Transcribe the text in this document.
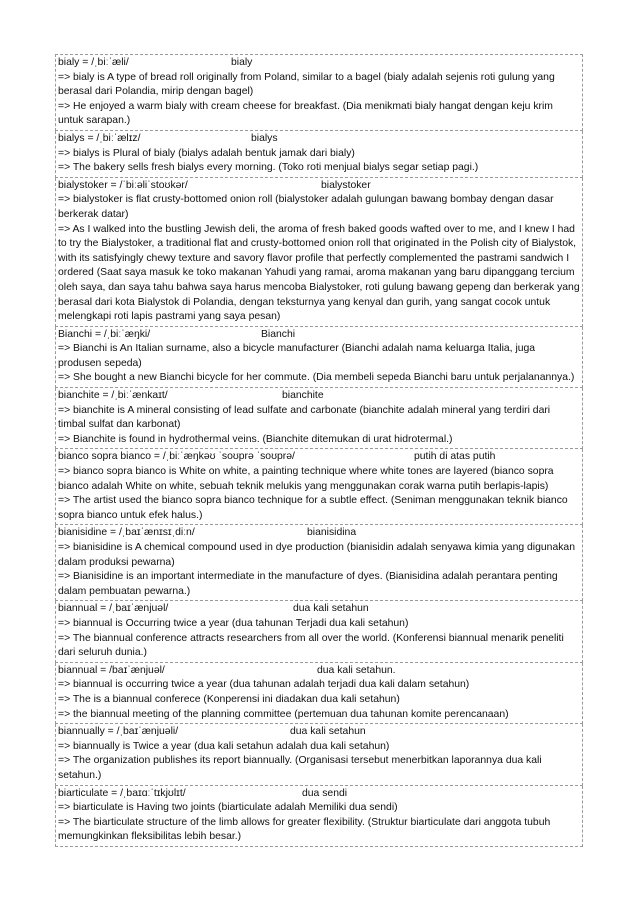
bialy = /ˌbiːˈæli/	bialy
=> bialy is A type of bread roll originally from Poland, similar to a bagel (bialy adalah sejenis roti gulung yang berasal dari Polandia, mirip dengan bagel)
=> He enjoyed a warm bialy with cream cheese for breakfast. (Dia menikmati bialy hangat dengan keju krim untuk sarapan.)
bialys = /ˌbiːˈælɪz/	bialys
=> bialys is Plural of bialy (bialys adalah bentuk jamak dari bialy)
=> The bakery sells fresh bialys every morning. (Toko roti menjual bialys segar setiap pagi.)
bialystoker = /ˈbiːəliˈstoʊkər/	bialystoker
=> bialystoker is flat crusty-bottomed onion roll (bialystoker adalah gulungan bawang bombay dengan dasar berkerak datar)
=> As I walked into the bustling Jewish deli, the aroma of fresh baked goods wafted over to me, and I knew I had to try the Bialystoker, a traditional flat and crusty-bottomed onion roll that originated in the Polish city of Bialystok, with its satisfyingly chewy texture and savory flavor profile that perfectly complemented the pastrami sandwich I ordered (Saat saya masuk ke toko makanan Yahudi yang ramai, aroma makanan yang baru dipanggang tercium oleh saya, dan saya tahu bahwa saya harus mencoba Bialystoker, roti gulung bawang gepeng dan berkerak yang berasal dari kota Bialystok di Polandia, dengan teksturnya yang kenyal dan gurih, yang sangat cocok untuk melengkapi roti lapis pastrami yang saya pesan)
Bianchi = /ˌbiːˈæŋki/	Bianchi
=> Bianchi is An Italian surname, also a bicycle manufacturer (Bianchi adalah nama keluarga Italia, juga produsen sepeda)
=> She bought a new Bianchi bicycle for her commute. (Dia membeli sepeda Bianchi baru untuk perjalanannya.)
bianchite = /ˌbiːˈænkaɪt/	bianchite
=> bianchite is A mineral consisting of lead sulfate and carbonate (bianchite adalah mineral yang terdiri dari timbal sulfat dan karbonat)
=> Bianchite is found in hydrothermal veins. (Bianchite ditemukan di urat hidrotermal.)
bianco sopra bianco = /ˌbiːˈæŋkəʊ ˈsoʊprə ˈsoʊprə/	putih di atas putih
=> bianco sopra bianco is White on white, a painting technique where white tones are layered (bianco sopra bianco adalah White on white, sebuah teknik melukis yang menggunakan corak warna putih berlapis-lapis)
=> The artist used the bianco sopra bianco technique for a subtle effect. (Seniman menggunakan teknik bianco sopra bianco untuk efek halus.)
bianisidine = /ˌbaɪˈænɪsɪˌdiːn/	bianisidina
=> bianisidine is A chemical compound used in dye production (bianisidin adalah senyawa kimia yang digunakan dalam produksi pewarna)
=> Bianisidine is an important intermediate in the manufacture of dyes. (Bianisidina adalah perantara penting dalam pembuatan pewarna.)
biannual = /ˌbaɪˈænjuəl/	dua kali setahun
=> biannual is Occurring twice a year (dua tahunan Terjadi dua kali setahun)
=> The biannual conference attracts researchers from all over the world. (Konferensi biannual menarik peneliti dari seluruh dunia.)
biannual = /baɪˈænjuəl/	dua kali setahun.
=> biannual is occurring twice a year (dua tahunan adalah terjadi dua kali dalam setahun)
=> The is a biannual conferece (Konperensi ini diadakan dua kali setahun)
=> the biannual meeting of the planning committee (pertemuan dua tahunan komite perencanaan)
biannually = /ˌbaɪˈænjuəli/	dua kali setahun
=> biannually is Twice a year (dua kali setahun adalah dua kali setahun)
=> The organization publishes its report biannually. (Organisasi tersebut menerbitkan laporannya dua kali setahun.)
biarticulate = /ˌbaɪɑːˈtɪkjʊlɪt/	dua sendi
=> biarticulate is Having two joints (biarticulate adalah Memiliki dua sendi)
=> The biarticulate structure of the limb allows for greater flexibility. (Struktur biarticulate dari anggota tubuh memungkinkan fleksibilitas lebih besar.)
